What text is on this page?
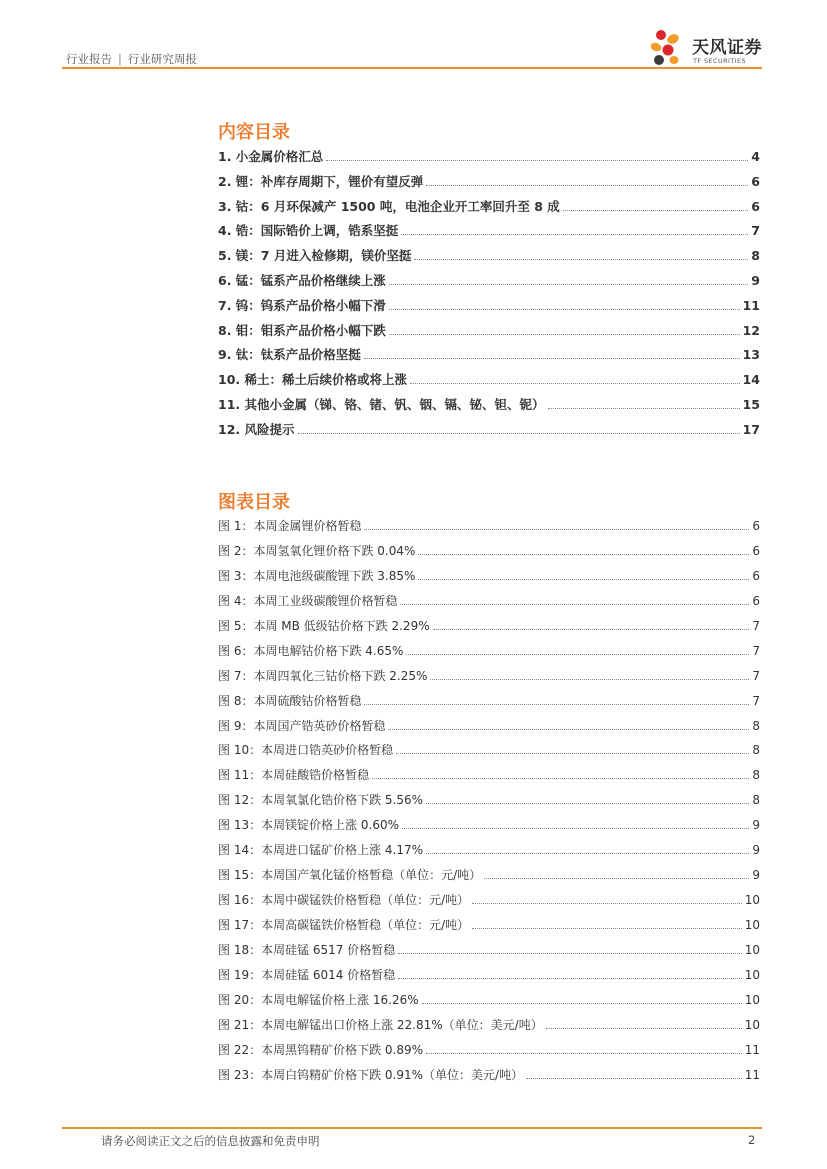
行业报告 | 行业研究周报
天风证券
TF SECURITIES
内容目录
1. 小金属价格汇总	4
2. 锂：补库存周期下，锂价有望反弹	6
3. 钴：6 月环保减产 1500 吨，电池企业开工率回升至 8 成	6
4. 锆：国际锆价上调，锆系坚挺	7
5. 镁：7 月进入检修期，镁价坚挺	8
6. 锰：锰系产品价格继续上涨	9
7. 钨：钨系产品价格小幅下滑	11
8. 钼：钼系产品价格小幅下跌	12
9. 钛：钛系产品价格坚挺	13
10. 稀土：稀土后续价格或将上涨	14
11. 其他小金属（锑、铬、锗、钒、铟、镉、铋、钽、铌）	15
12. 风险提示	17
图表目录
图 1：本周金属锂价格暂稳	6
图 2：本周氢氧化锂价格下跌 0.04%	6
图 3：本周电池级碳酸锂下跌 3.85%	6
图 4：本周工业级碳酸锂价格暂稳	6
图 5：本周 MB 低级钴价格下跌 2.29%	7
图 6：本周电解钴价格下跌 4.65%	7
图 7：本周四氧化三钴价格下跌 2.25%	7
图 8：本周硫酸钴价格暂稳	7
图 9：本周国产锆英砂价格暂稳	8
图 10：本周进口锆英砂价格暂稳	8
图 11：本周硅酸锆价格暂稳	8
图 12：本周氧氯化锆价格下跌 5.56%	8
图 13：本周镁锭价格上涨 0.60%	9
图 14：本周进口锰矿价格上涨 4.17%	9
图 15：本周国产氧化锰价格暂稳（单位：元/吨）	9
图 16：本周中碳锰铁价格暂稳（单位：元/吨）	10
图 17：本周高碳锰铁价格暂稳（单位：元/吨）	10
图 18：本周硅锰 6517 价格暂稳	10
图 19：本周硅锰 6014 价格暂稳	10
图 20：本周电解锰价格上涨 16.26%	10
图 21：本周电解锰出口价格上涨 22.81%（单位：美元/吨）	10
图 22：本周黑钨精矿价格下跌 0.89%	11
图 23：本周白钨精矿价格下跌 0.91%（单位：美元/吨）	11
请务必阅读正文之后的信息披露和免责申明	2
